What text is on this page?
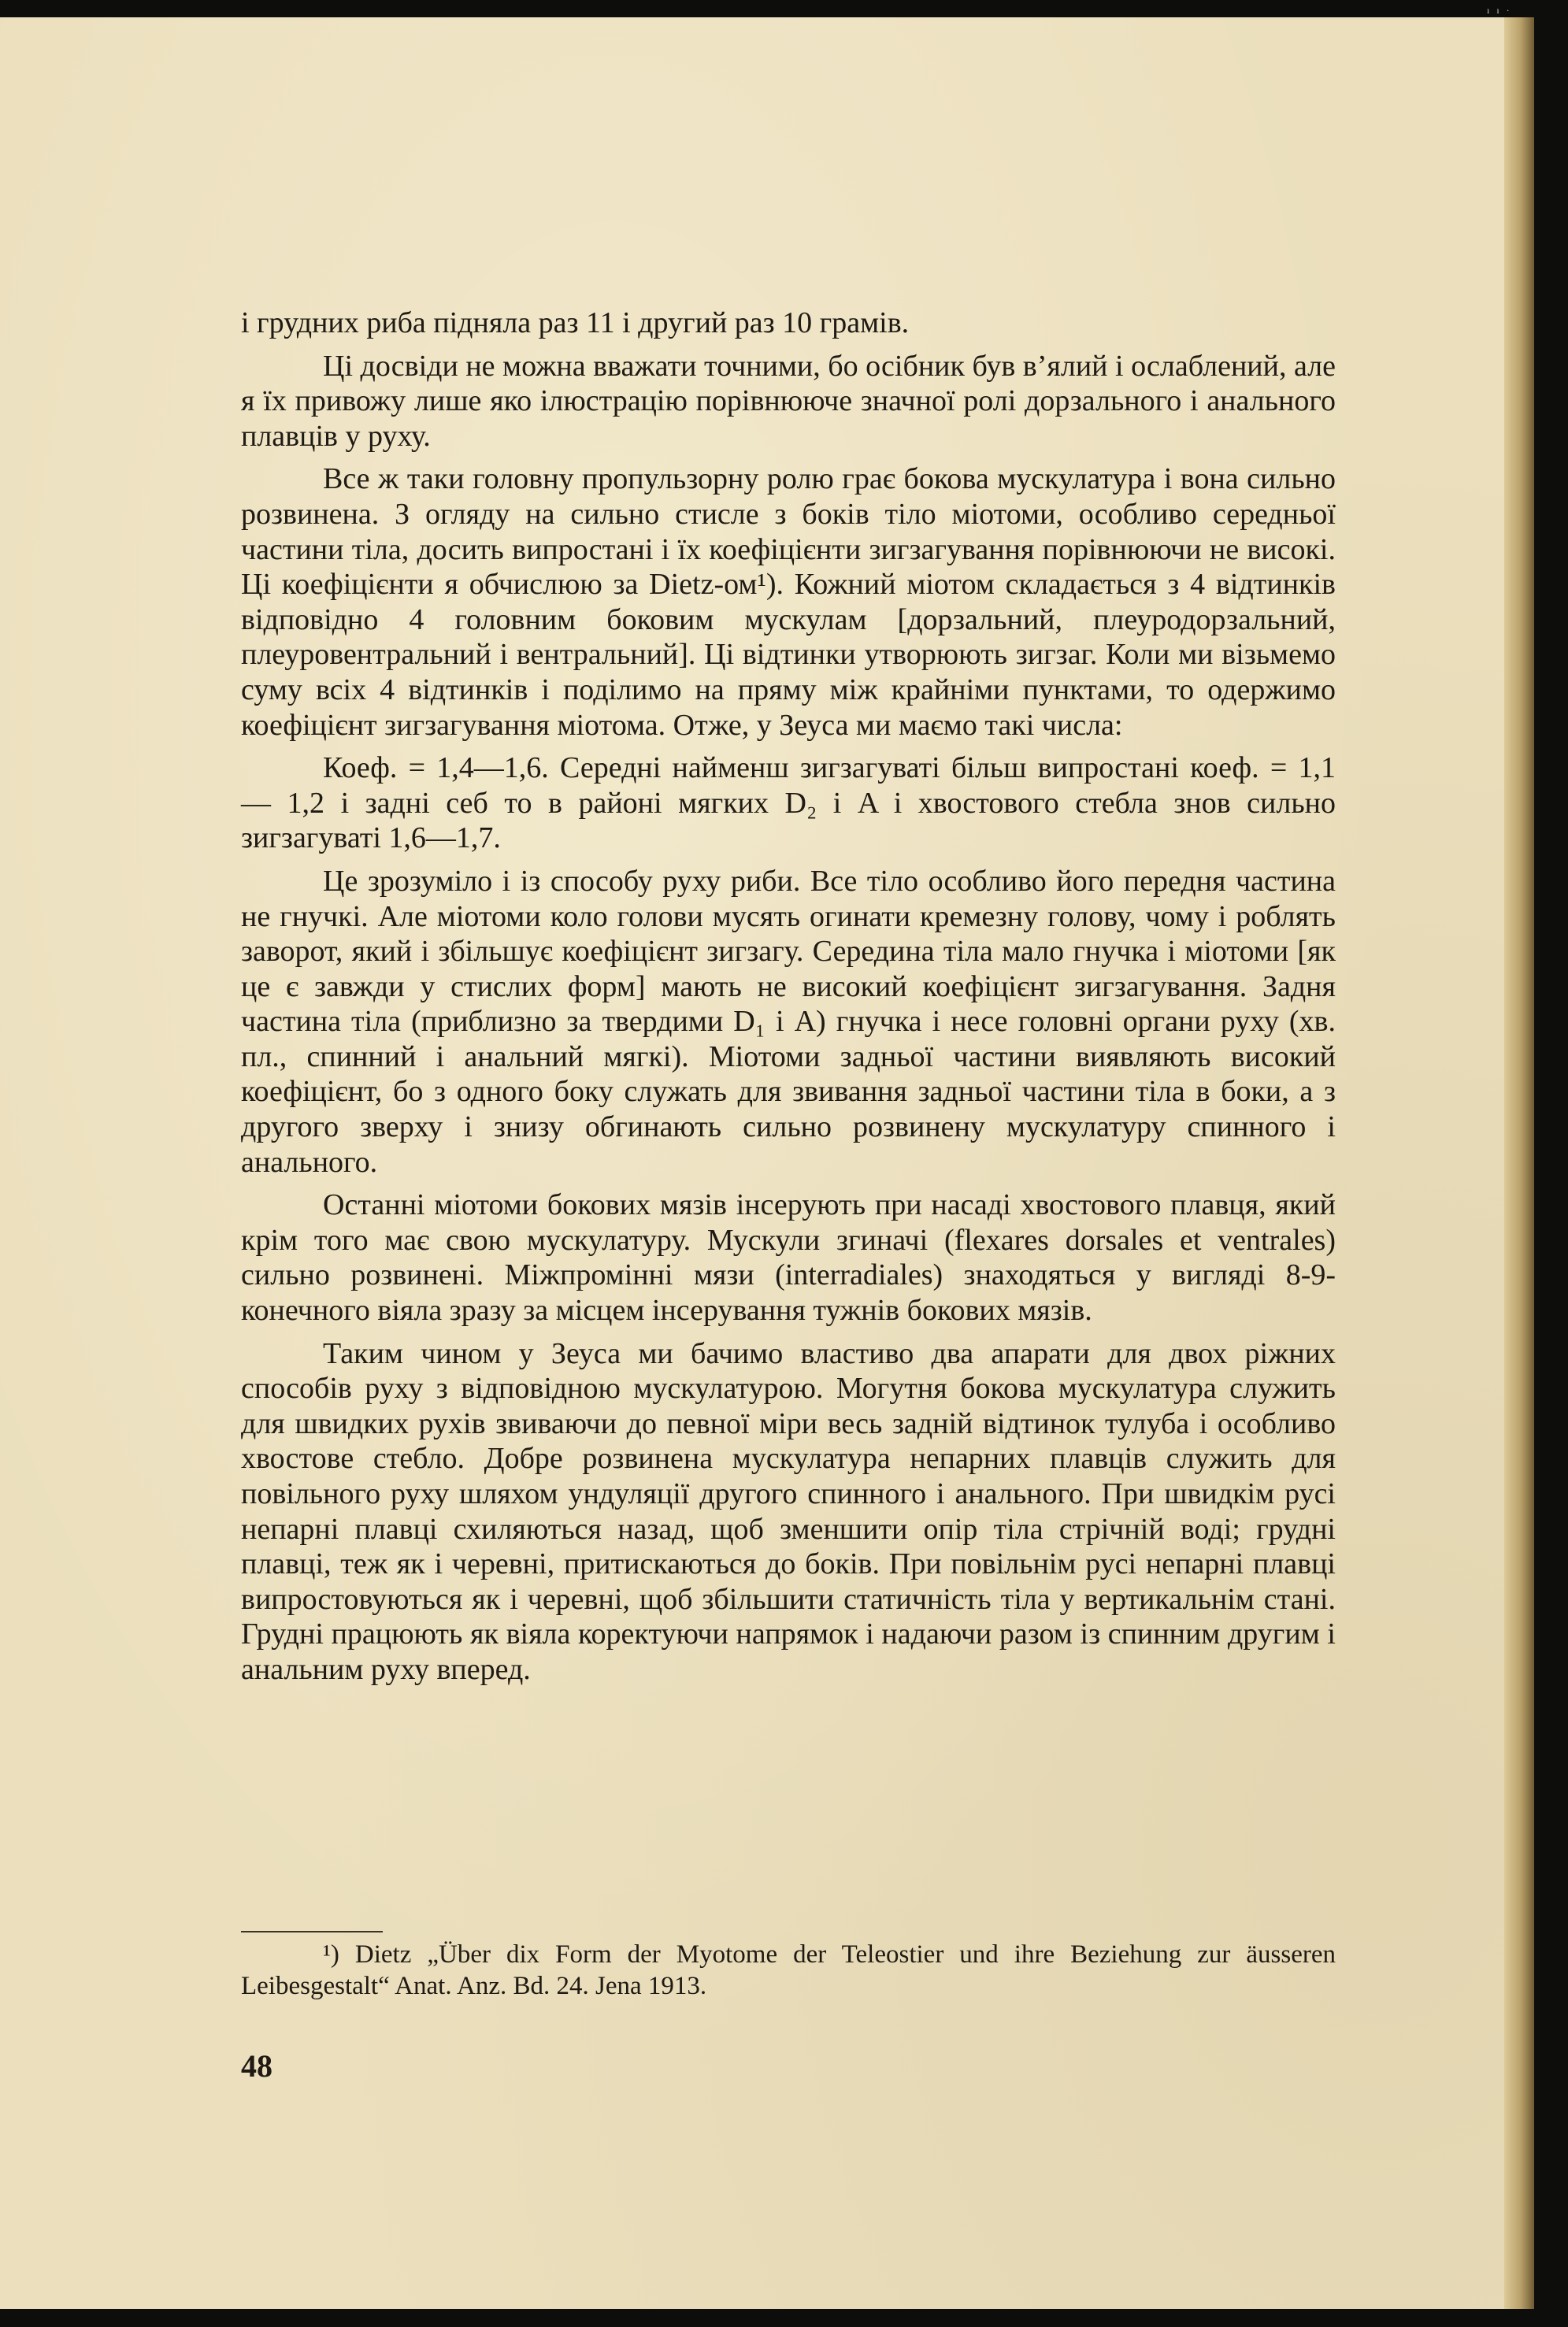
ı ı ·

і грудних риба підняла раз 11 і другий раз 10 грамів.

Ці досвіди не можна вважати точними, бо осібник був в’ялий і ослаблений, але я їх привожу лише яко ілюстрацію порівнююче значної ролі дорзального і анального плавців у руху.

Все ж таки головну пропульзорну ролю грає бокова мускулатура і вона сильно розвинена. З огляду на сильно стисле з боків тіло міотоми, особливо середньої частини тіла, досить випростані і їх коефіцієнти зигзагування порівнюючи не високі. Ці коефіцієнти я обчислюю за Dietz-ом¹). Кожний міотом складається з 4 відтинків відповідно 4 головним боковим мускулам [дорзальний, плеуродорзальний, плеуровентральний і вентральний]. Ці відтинки утворюють зигзаг. Коли ми візьмемо суму всіх 4 відтинків і поділимо на пряму між крайніми пунктами, то одержимо коефіцієнт зигзагування міотома. Отже, у Зеуса ми маємо такі числа:

Коеф. = 1,4—1,6. Середні найменш зигзагуваті більш випростані коеф. = 1,1 — 1,2 і задні себ то в районі мягких D₂ і A і хвостового стебла знов сильно зигзагуваті 1,6—1,7.

Це зрозуміло і із способу руху риби. Все тіло особливо його передня частина не гнучкі. Але міотоми коло голови мусять огинати кремезну голову, чому і роблять заворот, який і збільшує коефіцієнт зигзагу. Середина тіла мало гнучка і міотоми [як це є завжди у стислих форм] мають не високий коефіцієнт зигзагування. Задня частина тіла (приблизно за твердими D₁ і A) гнучка і несе головні органи руху (хв. пл., спинний і анальний мягкі). Міотоми задньої частини виявляють високий коефіцієнт, бо з одного боку служать для звивання задньої частини тіла в боки, а з другого зверху і знизу обгинають сильно розвинену мускулатуру спинного і анального.

Останні міотоми бокових мязів інсерують при насаді хвостового плавця, який крім того має свою мускулатуру. Мускули згиначі (flexares dorsales et ventrales) сильно розвинені. Міжпромінні мязи (interradiales) знаходяться у вигляді 8-9-конечного віяла зразу за місцем інсерування тужнів бокових мязів.

Таким чином у Зеуса ми бачимо властиво два апарати для двох ріжних способів руху з відповідною мускулатурою. Могутня бокова мускулатура служить для швидких рухів звиваючи до певної міри весь задній відтинок тулуба і особливо хвостове стебло. Добре розвинена мускулатура непарних плавців служить для повільного руху шляхом ундуляції другого спинного і анального. При швидкім русі непарні плавці схиляються назад, щоб зменшити опір тіла стрічній воді; грудні плавці, теж як і черевні, притискаються до боків. При повільнім русі непарні плавці випростовуються як і черевні, щоб збільшити статичність тіла у вертикальнім стані. Грудні працюють як віяла коректуючи напрямок і надаючи разом із спинним другим і анальним руху вперед.

¹) Dietz „Über dix Form der Myotome der Teleostier und ihre Beziehung zur äusseren Leibesgestalt“ Anat. Anz. Bd. 24. Jena 1913.
48
